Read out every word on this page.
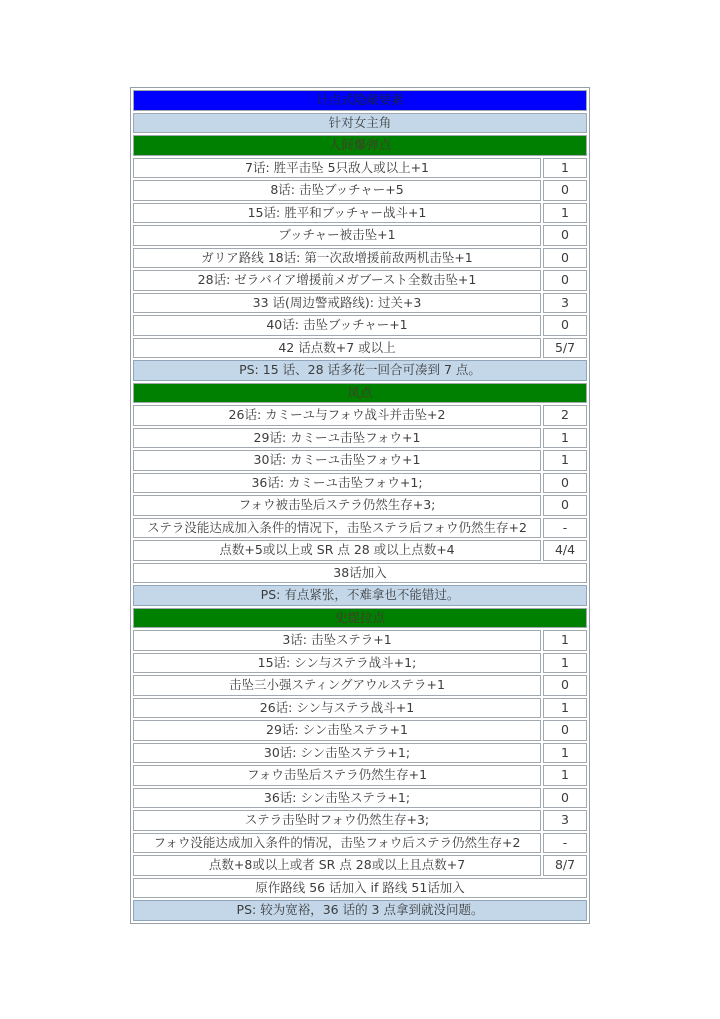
计点式隐藏要素	
针对女主角	
人间爆弹点	
7话: 胜平击坠 5只敌人或以上+1	1
8话: 击坠ブッチャー+5	0
15话: 胜平和ブッチャー战斗+1	1
ブッチャー被击坠+1	0
ガリア路线 18话: 第一次敌增援前敌两机击坠+1	0
28话: ゼラバイア增援前メガブースト全数击坠+1	0
33 话(周边警戒路线): 过关+3	3
40话: 击坠ブッチャー+1	0
42 话点数+7 或以上	5/7
PS: 15 话、28 话多花一回合可凑到 7 点。	
凤点	
26话: カミーユ与フォウ战斗并击坠+2	2
29话: カミーユ击坠フォウ+1	1
30话: カミーユ击坠フォウ+1	1
36话: カミーユ击坠フォウ+1;	0
フォウ被击坠后ステラ仍然生存+3;	0
ステラ没能达成加入条件的情况下，击坠ステラ后フォウ仍然生存+2	-
点数+5或以上或 SR 点 28 或以上点数+4	4/4
38话加入	
PS: 有点紧张，不难拿也不能错过。	
史缇拉点	
3话: 击坠ステラ+1	1
15话: シン与ステラ战斗+1;	1
击坠三小强スティングアウルステラ+1	0
26话: シン与ステラ战斗+1	1
29话: シン击坠ステラ+1	0
30话: シン击坠ステラ+1;	1
フォウ击坠后ステラ仍然生存+1	1
36话: シン击坠ステラ+1;	0
ステラ击坠时フォウ仍然生存+3;	3
フォウ没能达成加入条件的情况，击坠フォウ后ステラ仍然生存+2	-
点数+8或以上或者 SR 点 28或以上且点数+7	8/7
原作路线 56 话加入 if 路线 51话加入	
PS: 较为宽裕，36 话的 3 点拿到就没问题。	
